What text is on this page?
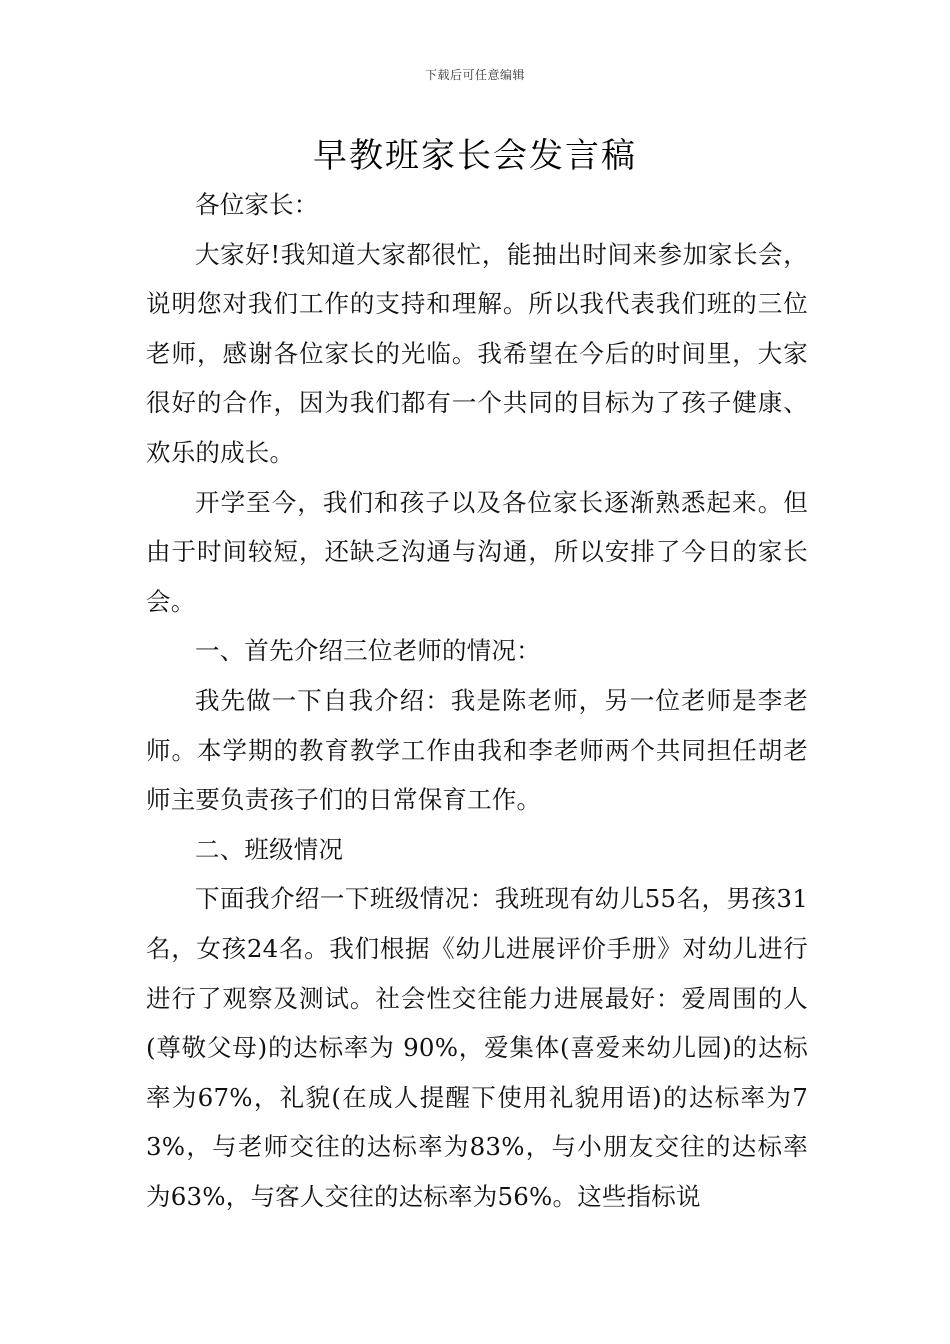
下载后可任意编辑
早教班家长会发言稿

各位家长：

大家好!我知道大家都很忙，能抽出时间来参加家长会，说明您对我们工作的支持和理解。所以我代表我们班的三位老师，感谢各位家长的光临。我希望在今后的时间里，大家很好的合作，因为我们都有一个共同的目标为了孩子健康、欢乐的成长。

开学至今，我们和孩子以及各位家长逐渐熟悉起来。但由于时间较短，还缺乏沟通与沟通，所以安排了今日的家长会。

一、首先介绍三位老师的情况：

我先做一下自我介绍：我是陈老师，另一位老师是李老师。本学期的教育教学工作由我和李老师两个共同担任胡老师主要负责孩子们的日常保育工作。

二、班级情况

下面我介绍一下班级情况：我班现有幼儿55名，男孩31名，女孩24名。我们根据《幼儿进展评价手册》对幼儿进行进行了观察及测试。社会性交往能力进展最好：爱周围的人(尊敬父母)的达标率为 90%，爱集体(喜爱来幼儿园)的达标率为67%，礼貌(在成人提醒下使用礼貌用语)的达标率为73%，与老师交往的达标率为83%，与小朋友交往的达标率为63%，与客人交往的达标率为56%。这些指标说
